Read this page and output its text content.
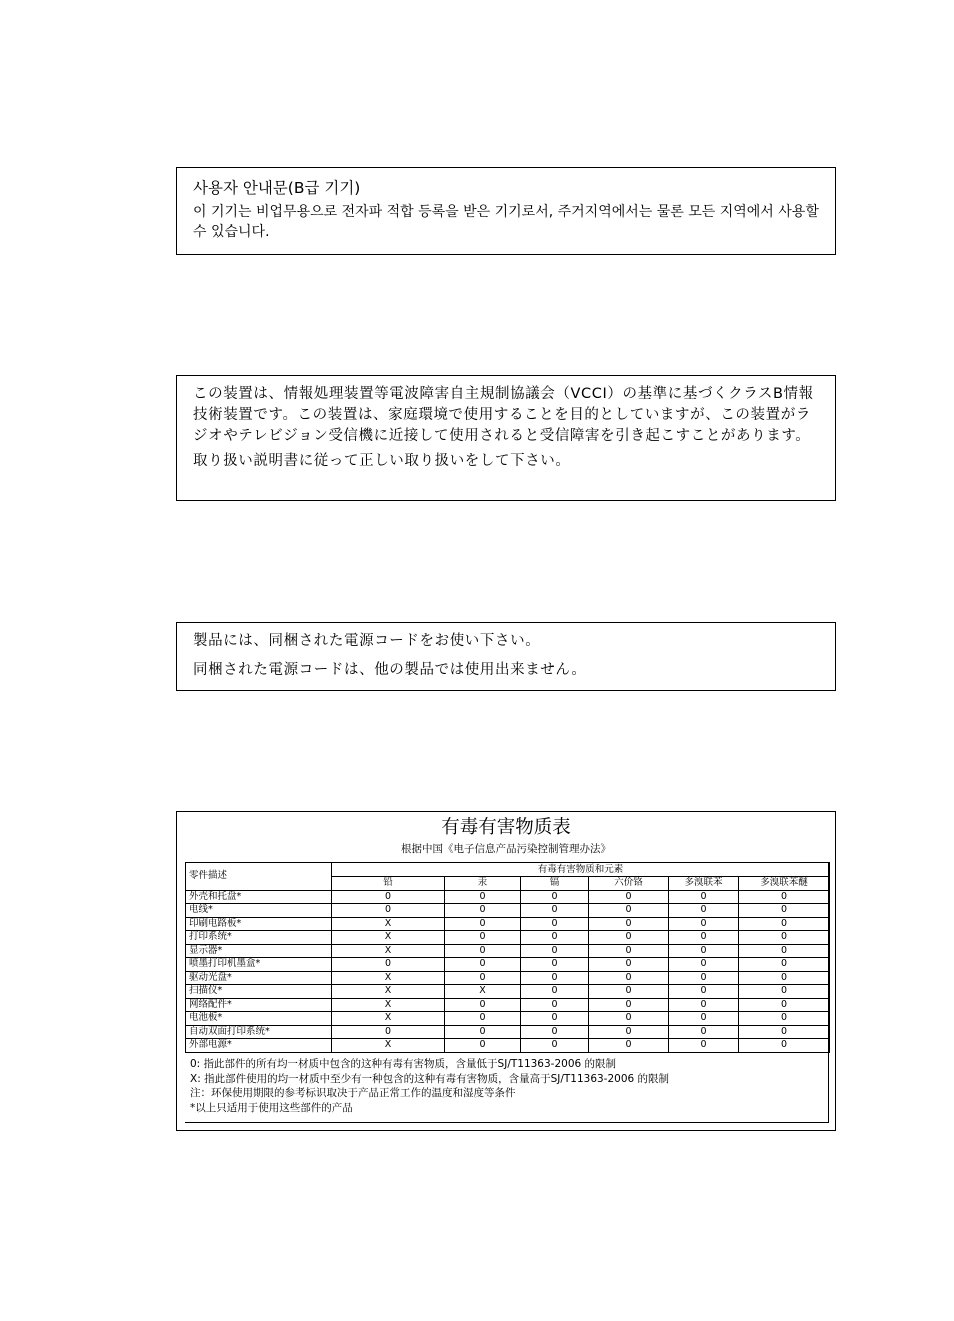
사용자 안내문(B급 기기)
이 기기는 비업무용으로 전자파 적합 등록을 받은 기기로서, 주거지역에서는 물론 모든 지역에서 사용할 수 있습니다.

この装置は、情報処理装置等電波障害自主規制協議会（VCCI）の基準に基づくクラスB情報技術装置です。この装置は、家庭環境で使用することを目的としていますが、この装置がラジオやテレビジョン受信機に近接して使用されると受信障害を引き起こすことがあります。

取り扱い説明書に従って正しい取り扱いをして下さい。

製品には、同梱された電源コードをお使い下さい。

同梱された電源コードは、他の製品では使用出来ません。

有毒有害物质表
根据中国《电子信息产品污染控制管理办法》
零件描述	有毒有害物质和元素					
	铅	汞	镉	六价铬	多溴联苯	多溴联苯醚
外壳和托盘*	0	0	0	0	0	0
电线*	0	0	0	0	0	0
印刷电路板*	X	0	0	0	0	0
打印系统*	X	0	0	0	0	0
显示器*	X	0	0	0	0	0
喷墨打印机墨盒*	0	0	0	0	0	0
驱动光盘*	X	0	0	0	0	0
扫描仪*	X	X	0	0	0	0
网络配件*	X	0	0	0	0	0
电池板*	X	0	0	0	0	0
自动双面打印系统*	0	0	0	0	0	0
外部电源*	X	0	0	0	0	0
0: 指此部件的所有均一材质中包含的这种有毒有害物质，含量低于SJ/T11363-2006 的限制
X: 指此部件使用的均一材质中至少有一种包含的这种有毒有害物质，含量高于SJ/T11363-2006 的限制
注：环保使用期限的参考标识取决于产品正常工作的温度和湿度等条件
*以上只适用于使用这些部件的产品
